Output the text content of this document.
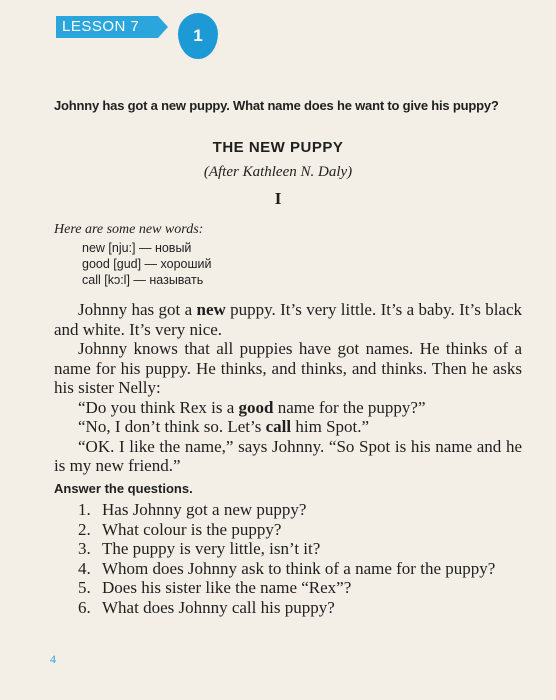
LESSON 7	1
Johnny has got a new puppy. What name does he want to give his puppy?
THE NEW PUPPY
(After Kathleen N. Daly)
I
Here are some new words:
new [nju:] — новый
good [gud] — хороший
call [kɔ:l] — называть

Johnny has got a new puppy. It’s very little. It’s a baby. It’s black and white. It’s very nice.

Johnny knows that all puppies have got names. He thinks of a name for his puppy. He thinks, and thinks, and thinks. Then he asks his sister Nelly:

“Do you think Rex is a good name for the puppy?”

“No, I don’t think so. Let’s call him Spot.”

“OK. I like the name,” says Johnny. “So Spot is his name and he is my new friend.”

Answer the questions.
1. Has Johnny got a new puppy?
2. What colour is the puppy?
3. The puppy is very little, isn’t it?
4. Whom does Johnny ask to think of a name for the puppy?
5. Does his sister like the name “Rex”?
6. What does Johnny call his puppy?
4
